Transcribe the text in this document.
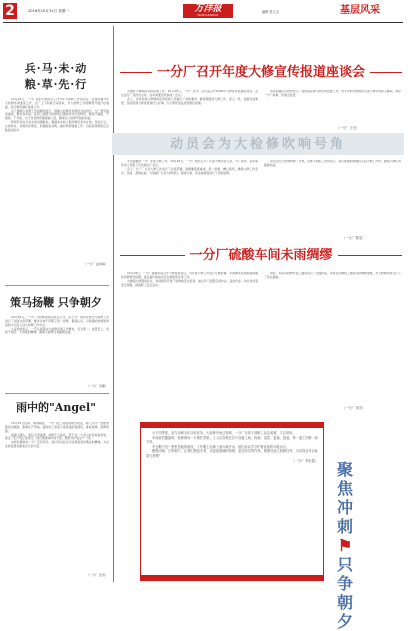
2	2016年10月31日 星期一	万洋报
WANYANGBAO
编辑 张立玉	基层风采
兵·马·未·动
粮·草·先·行

10月19日，一分厂政府开展统计工作开年大检修工作动员会，安排部署开年大检修各项准备工作，全厂上下积极行动起来，为大检修工作的顺利开展打好基础，统计物资做好准备工作。

为了确保大检修工作的顺利进行，保障大检修所需物资及时到位，分厂领导高度重视，要求各车间、各部门按照大检修项目提前统计所需物资，做到不漏报、不错报、不多报，对于急需物资要提前上报，确保在大检修开始前到货。

物资科及时与各车间沟通联系，根据各车间上报的物资需求计划，及时汇总，认真核对，对照库存情况，积极联系采购，做好物资储备工作。目前各项物资正在陆续到位中。

（一分厂 赵春梅）
策马扬鞭 只争朝夕

10月20日，一分厂大检修誓师动员会召开。会上分厂领导对此次大检修工作进行了全面动员部署，要求全体干部职工统一思想，提高认识，以饱满的热情和昂扬的斗志投入到大检修工作中去。

大家纷纷表示，一定认真落实大检修各项工作要求，安全第一、质量至上，发扬不怕苦、不怕累的精神，确保大检修任务圆满完成。

（一分厂 李鹏）
雨中的"Angel"

10月21日夜间，暴雨倾盆，一分厂电工班接到紧急电话，称厂区内一处配电箱进水跳闸，影响生产用电。值班电工冒着大雨迅速赶到现场，排查故障，抢修线路。

雨越下越大，他们全身湿透，却顾不上休息，终于在一个多小时后恢复供电，保证了生产的正常进行。他们就像雨中的天使，默默守护着生产一线。

这样的事例在一分厂还有很多，他们用实际行动诠释着爱岗敬业的精神，为企业的发展贡献着自己的力量。

（一分厂 张雪）
一分厂召开年度大修宣传报道座谈会

为做好大修期间宣传报道工作，10月25日，一分厂在分厂会议室召开2016年大修宣传报道座谈会。会议由分厂宣传员主持，各车间通讯员参加了会议。

会上，宣传员就大修期间宣传报道工作提出了具体要求：要紧紧围绕大修工作，深入一线，挖掘先进典型，及时报道大修进度和好人好事，为大修营造良好的舆论氛围。

各车间通讯员纷纷表示，将积极投身大修宣传报道工作，用手中的笔和相机记录大修中的感人瞬间，讲好一分厂故事，传递正能量。

（一分厂 王芸）
动员会为大检修吹响号角

为全面做好一分厂年度大修工作，10月24日，一分厂组织召开了年度大修动员大会，分厂领导、各车间负责人及职工代表参加了会议。

会上，分厂厂长对大修工作进行了动员部署，强调要高度重视，统一思想，精心组织，确保大修工作安全、优质、高效完成。分管副厂长对大修项目、网络计划、安全措施等进行了详细说明。

动员会为大检修吹响了号角，全体干部职工纷纷表示，将以饱满的热情投入到大修工作中，确保大修任务圆满完成。

（一分厂 陈星）
一分厂硫酸车间未雨绸缪

10月18日，一分厂硫酸车间召开大修准备会议，对年度大修工作进行专题部署。车间要求各班组提前做好检修项目梳理，备品备件准备及安全措施落实等工作。

为确保大修期间安全，车间组织开展了检修前安全培训，重点学习受限空间作业、高处作业、动火作业等安全规程，提高职工安全意识。

同时，车间对检修所需工器具进行了全面检查，对存在问题的工器具及时维修更换，为大修顺利进行打下了坚实基础。

（一分厂 刘芳）

大干四季度，奋力冲刺全年目标任务，大检修号角已吹响，一分厂全体干部职工众志成城、斗志昂扬。

车间里机器轰鸣，检修现场一片繁忙景象。工人们穿梭在各个设备之间，拆卸、清洗、更换、组装，每一道工序都一丝不苟。

安全帽下是一张张坚毅的面庞，工作服上沾满了油污和汗水，他们用双手守护着设备的平稳运行。

聚焦冲刺，只争朝夕。让我们携起手来，以更加饱满的热情、更加务实的作风，圆满完成大检修任务，为实现全年目标奋力拼搏！

（一分厂 李彩霞） 聚焦冲刺 ⚑ 只争朝夕
